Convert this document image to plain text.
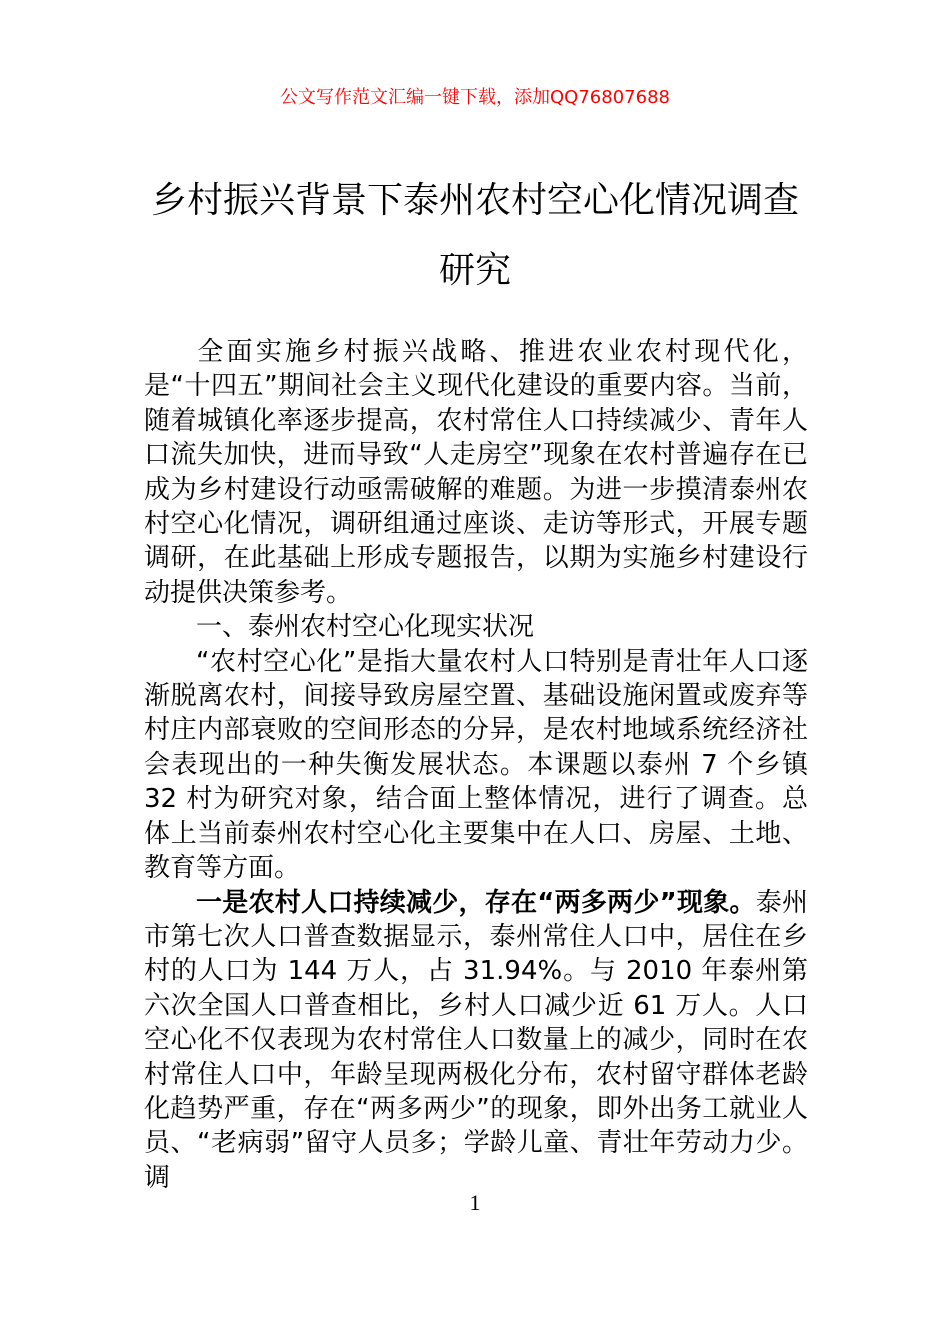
公文写作范文汇编一键下载，添加QQ76807688
乡村振兴背景下泰州农村空心化情况调查研究

全面实施乡村振兴战略、推进农业农村现代化，是“十四五”期间社会主义现代化建设的重要内容。当前，随着城镇化率逐步提高，农村常住人口持续减少、青年人口流失加快，进而导致“人走房空”现象在农村普遍存在已成为乡村建设行动亟需破解的难题。为进一步摸清泰州农村空心化情况，调研组通过座谈、走访等形式，开展专题调研，在此基础上形成专题报告，以期为实施乡村建设行动提供决策参考。

一、泰州农村空心化现实状况

“农村空心化”是指大量农村人口特别是青壮年人口逐渐脱离农村，间接导致房屋空置、基础设施闲置或废弃等村庄内部衰败的空间形态的分异，是农村地域系统经济社会表现出的一种失衡发展状态。本课题以泰州 7 个乡镇 32 村为研究对象，结合面上整体情况，进行了调查。总体上当前泰州农村空心化主要集中在人口、房屋、土地、教育等方面。

一是农村人口持续减少，存在“两多两少”现象。泰州市第七次人口普查数据显示，泰州常住人口中，居住在乡村的人口为 144 万人，占 31.94%。与 2010 年泰州第六次全国人口普查相比，乡村人口减少近 61 万人。人口空心化不仅表现为农村常住人口数量上的减少，同时在农村常住人口中，年龄呈现两极化分布，农村留守群体老龄化趋势严重，存在“两多两少”的现象，即外出务工就业人员、“老病弱”留守人员多；学龄儿童、青壮年劳动力少。调

1
